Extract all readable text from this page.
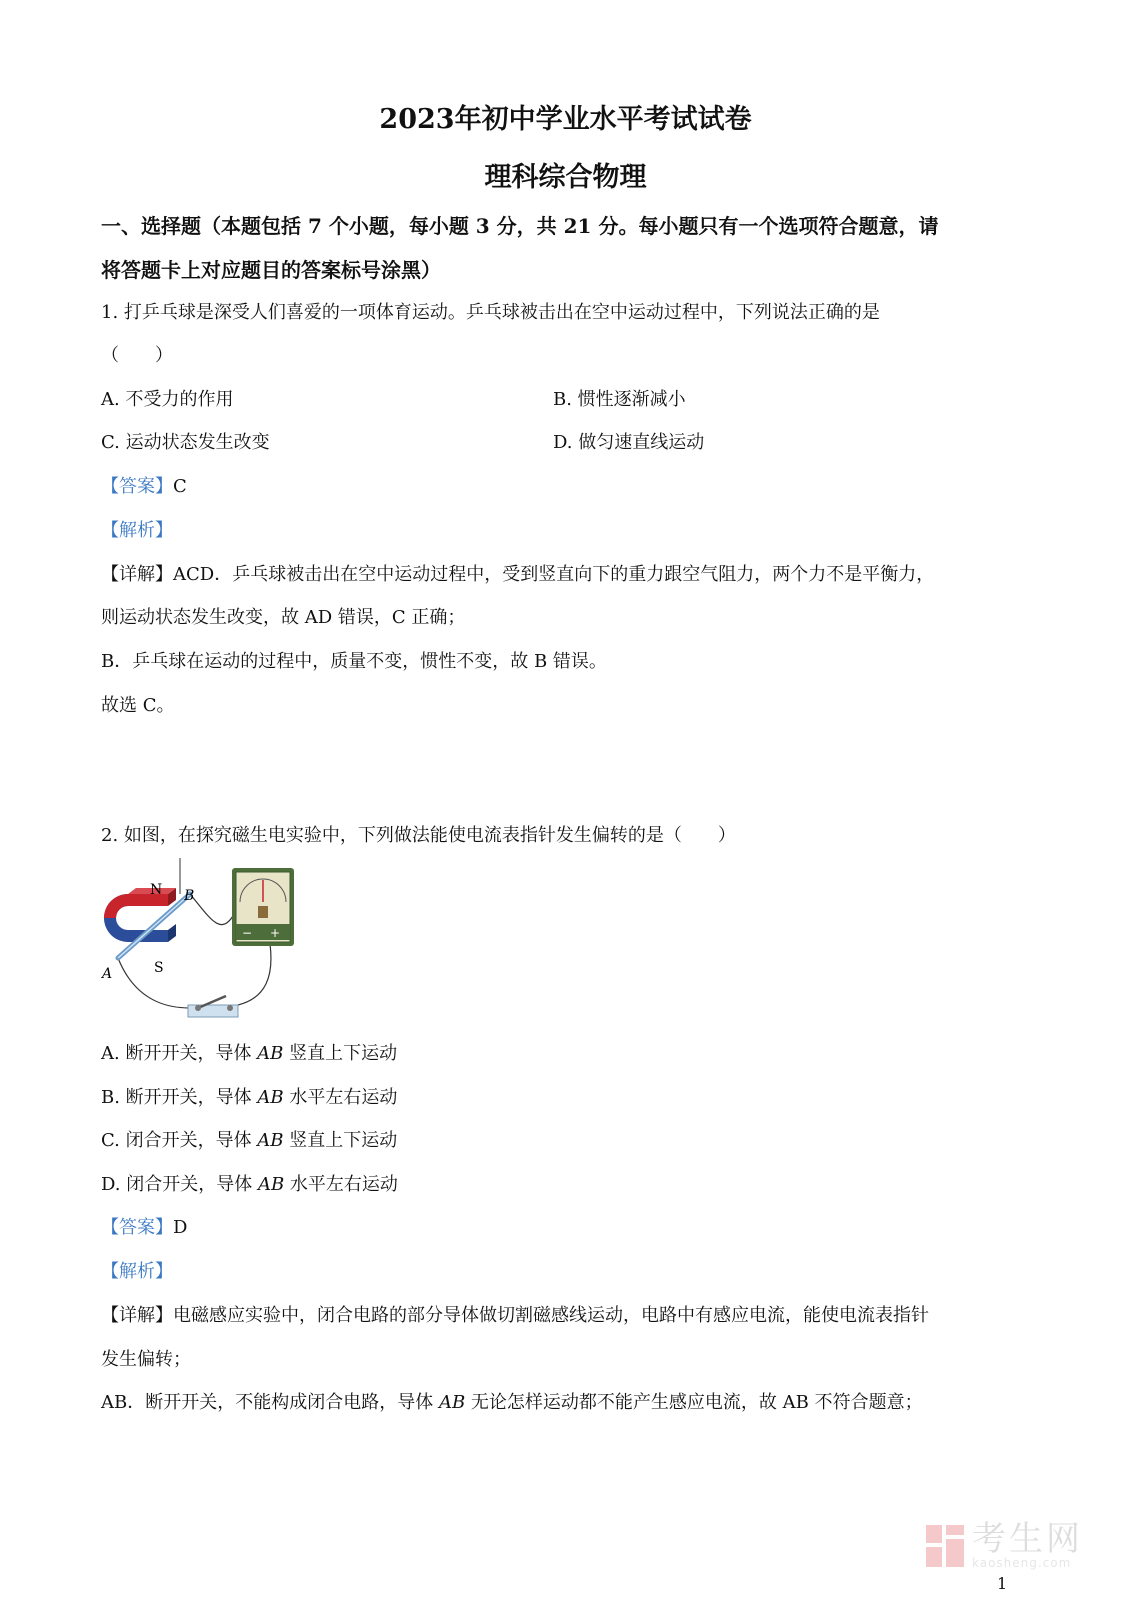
2023年初中学业水平考试试卷
理科综合物理
一、选择题（本题包括 7 个小题，每小题 3 分，共 21 分。每小题只有一个选项符合题意，请
将答题卡上对应题目的答案标号涂黑）
1. 打乒乓球是深受人们喜爱的一项体育运动。乒乓球被击出在空中运动过程中，下列说法正确的是
（　　）
A. 不受力的作用	B. 惯性逐渐减小
C. 运动状态发生改变	D. 做匀速直线运动
【答案】C
【解析】
【详解】ACD．乒乓球被击出在空中运动过程中，受到竖直向下的重力跟空气阻力，两个力不是平衡力，
则运动状态发生改变，故 AD 错误，C 正确；
B．乒乓球在运动的过程中，质量不变，惯性不变，故 B 错误。
故选 C。
2. 如图，在探究磁生电实验中，下列做法能使电流表指针发生偏转的是（　　）
− +
N
S
A
B
A. 断开开关，导体 AB 竖直上下运动
B. 断开开关，导体 AB 水平左右运动
C. 闭合开关，导体 AB 竖直上下运动
D. 闭合开关，导体 AB 水平左右运动
【答案】D
【解析】
【详解】电磁感应实验中，闭合电路的部分导体做切割磁感线运动，电路中有感应电流，能使电流表指针
发生偏转；
AB．断开开关，不能构成闭合电路，导体 AB 无论怎样运动都不能产生感应电流，故 AB 不符合题意；
考生网
kaosheng.com
1
